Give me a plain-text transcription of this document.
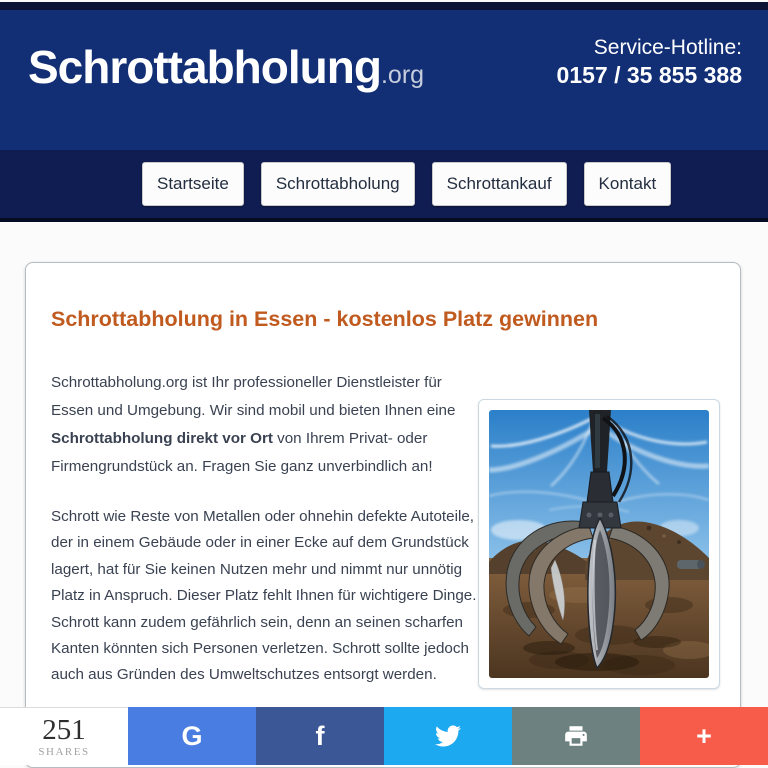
Schrottabholung.org
Service-Hotline:
0157 / 35 855 388
Startseite	Schrottabholung	Schrottankauf	Kontakt
Schrottabholung in Essen - kostenlos Platz gewinnen

Schrottabholung.org ist Ihr professioneller Dienstleister für Essen und Umgebung. Wir sind mobil und bieten Ihnen eine Schrottabholung direkt vor Ort von Ihrem Privat- oder Firmengrundstück an. Fragen Sie ganz unverbindlich an!

Schrott wie Reste von Metallen oder ohnehin defekte Autoteile, der in einem Gebäude oder in einer Ecke auf dem Grundstück lagert, hat für Sie keinen Nutzen mehr und nimmt nur unnötig Platz in Anspruch. Dieser Platz fehlt Ihnen für wichtigere Dinge. Schrott kann zudem gefährlich sein, denn an seinen scharfen Kanten könnten sich Personen verletzen. Schrott sollte jedoch auch aus Gründen des Umweltschutzes entsorgt werden.

251
SHARES
G	f	+
